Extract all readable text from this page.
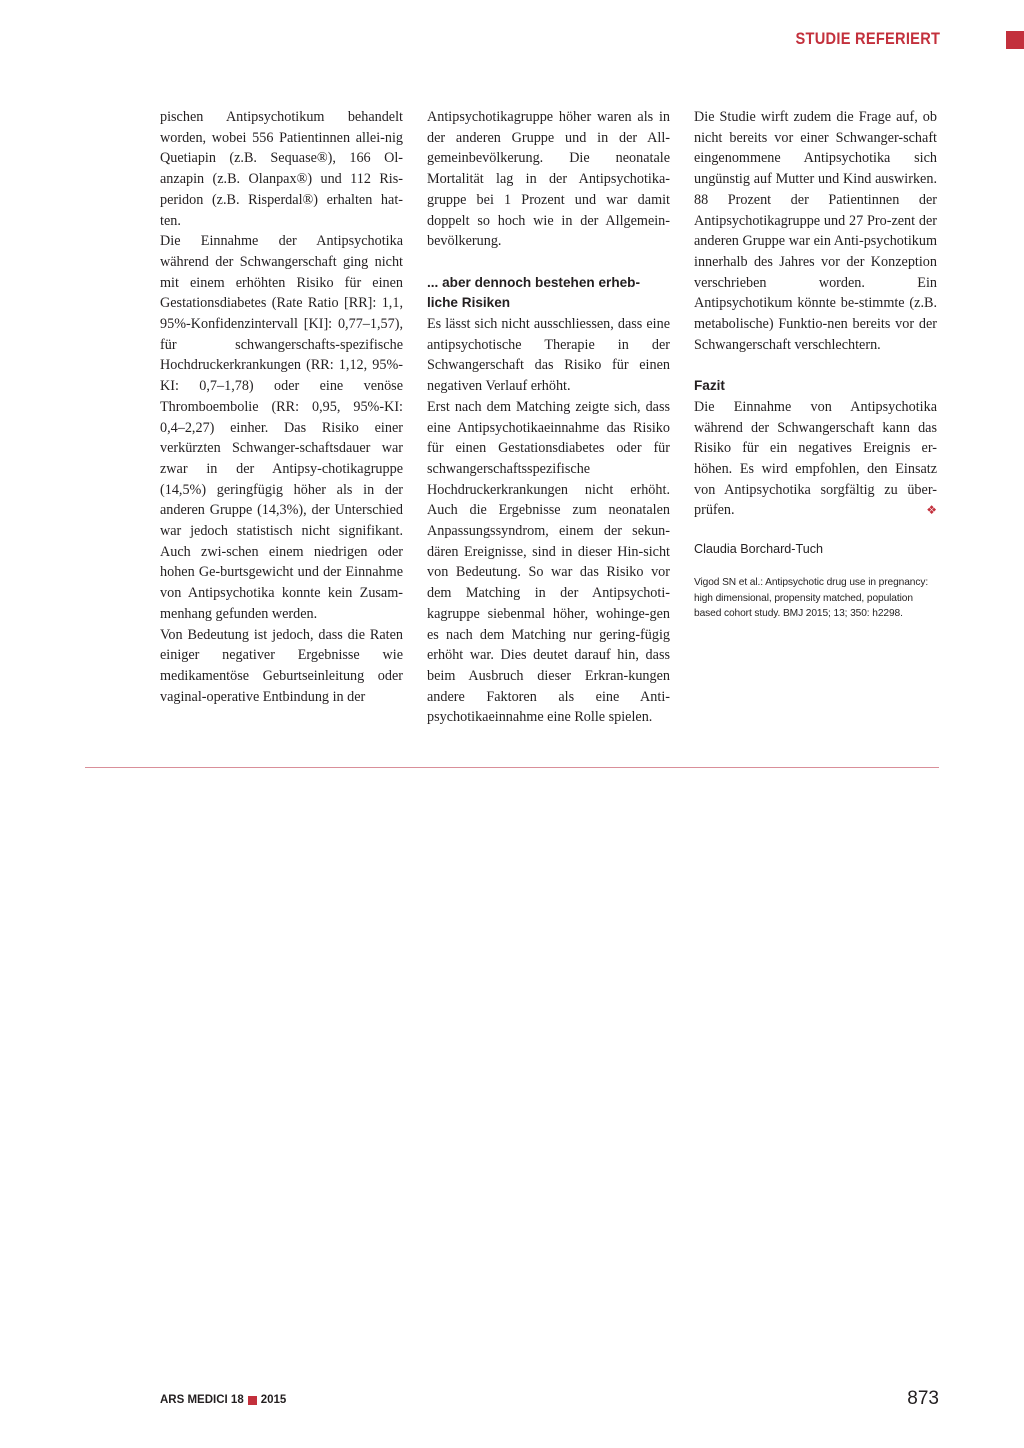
STUDIE REFERIERT

pischen Antipsychotikum behandelt worden, wobei 556 Patientinnen allei-nig Quetiapin (z.B. Sequase®), 166 Ol-anzapin (z.B. Olanpax®) und 112 Ris-peridon (z.B. Risperdal®) erhalten hat-ten.

Die Einnahme der Antipsychotika während der Schwangerschaft ging nicht mit einem erhöhten Risiko für einen Gestationsdiabetes (Rate Ratio [RR]: 1,1, 95%-Konfidenzintervall [KI]: 0,77–1,57), für schwangerschafts-spezifische Hochdruckerkrankungen (RR: 1,12, 95%-KI: 0,7–1,78) oder eine venöse Thromboembolie (RR: 0,95, 95%-KI: 0,4–2,27) einher. Das Risiko einer verkürzten Schwanger-schaftsdauer war zwar in der Antipsy-chotikagruppe (14,5%) geringfügig höher als in der anderen Gruppe (14,3%), der Unterschied war jedoch statistisch nicht signifikant. Auch zwi-schen einem niedrigen oder hohen Ge-burtsgewicht und der Einnahme von Antipsychotika konnte kein Zusam-menhang gefunden werden.

Von Bedeutung ist jedoch, dass die Raten einiger negativer Ergebnisse wie medikamentöse Geburtseinleitung oder vaginal-operative Entbindung in der

Antipsychotikagruppe höher waren als in der anderen Gruppe und in der All-gemeinbevölkerung. Die neonatale Mortalität lag in der Antipsychotika-gruppe bei 1 Prozent und war damit doppelt so hoch wie in der Allgemein-bevölkerung.

... aber dennoch bestehen erheb-liche Risiken

Es lässt sich nicht ausschliessen, dass eine antipsychotische Therapie in der Schwangerschaft das Risiko für einen negativen Verlauf erhöht.

Erst nach dem Matching zeigte sich, dass eine Antipsychotikaeinnahme das Risiko für einen Gestationsdiabetes oder für schwangerschaftsspezifische Hochdruckerkrankungen nicht erhöht. Auch die Ergebnisse zum neonatalen Anpassungssyndrom, einem der sekun-dären Ereignisse, sind in dieser Hin-sicht von Bedeutung. So war das Risiko vor dem Matching in der Antipsychoti-kagruppe siebenmal höher, wohinge-gen es nach dem Matching nur gering-fügig erhöht war. Dies deutet darauf hin, dass beim Ausbruch dieser Erkran-kungen andere Faktoren als eine Anti-psychotikaeinnahme eine Rolle spielen.

Die Studie wirft zudem die Frage auf, ob nicht bereits vor einer Schwanger-schaft eingenommene Antipsychotika sich ungünstig auf Mutter und Kind auswirken. 88 Prozent der Patientinnen der Antipsychotikagruppe und 27 Pro-zent der anderen Gruppe war ein Anti-psychotikum innerhalb des Jahres vor der Konzeption verschrieben worden. Ein Antipsychotikum könnte be-stimmte (z.B. metabolische) Funktio-nen bereits vor der Schwangerschaft verschlechtern.

Fazit

Die Einnahme von Antipsychotika während der Schwangerschaft kann das Risiko für ein negatives Ereignis er-höhen. Es wird empfohlen, den Einsatz von Antipsychotika sorgfältig zu über-prüfen.	❖

Claudia Borchard-Tuch

Vigod SN et al.: Antipsychotic drug use in pregnancy: high dimensional, propensity matched, population based cohort study. BMJ 2015; 13; 350: h2298.

ARS MEDICI 18 2015	873
